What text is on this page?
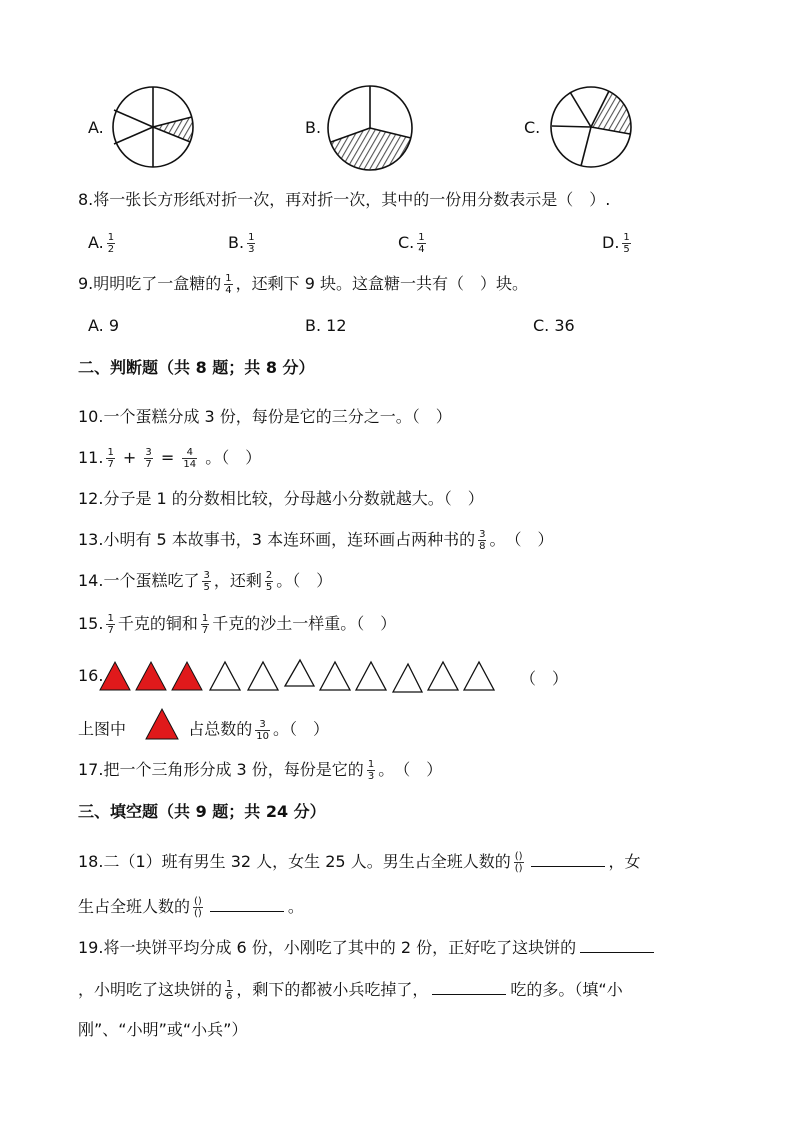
A.	B.	C.
8.将一张长方形纸对折一次，再对折一次，其中的一份用分数表示是（　）.
A. $\frac{1}{2}$	B. $\frac{1}{3}$	C. $\frac{1}{4}$	D. $\frac{1}{5}$
9.明明吃了一盒糖的 $\frac{1}{4}$ ，还剩下 9 块。这盒糖一共有（　）块。
A. 9	B. 12	C. 36
二、判断题（共 8 题；共 8 分）
10.一个蛋糕分成 3 份，每份是它的三分之一。（　）
11. $\frac{1}{7} + \frac{3}{7} = \frac{4}{14}$ 。（　）
12.分子是 1 的分数相比较，分母越小分数就越大。（　）
13.小明有 5 本故事书，3 本连环画，连环画占两种书的 $\frac{3}{8}$ 。　（　）
14.一个蛋糕吃了 $\frac{3}{5}$ ，还剩 $\frac{2}{5}$ 。（　）
15. $\frac{1}{7}$ 千克的铜和 $\frac{1}{7}$ 千克的沙土一样重。（　）
16.	（　）
上图中	占总数的 $\frac{3}{10}$ 。（　）
17.把一个三角形分成 3 份，每份是它的 $\frac{1}{3}$ 。　（　）
三、填空题（共 9 题；共 24 分）
18.二（1）班有男生 32 人，女生 25 人。男生占全班人数的 $\frac{()}{()}$	，女
生占全班人数的 $\frac{()}{()}$	。
19.将一块饼平均分成 6 份，小刚吃了其中的 2 份，正好吃了这块饼的
，小明吃了这块饼的 $\frac{1}{6}$ ，剩下的都被小兵吃掉了，	吃的多。（填“小
刚”、“小明”或“小兵”）
